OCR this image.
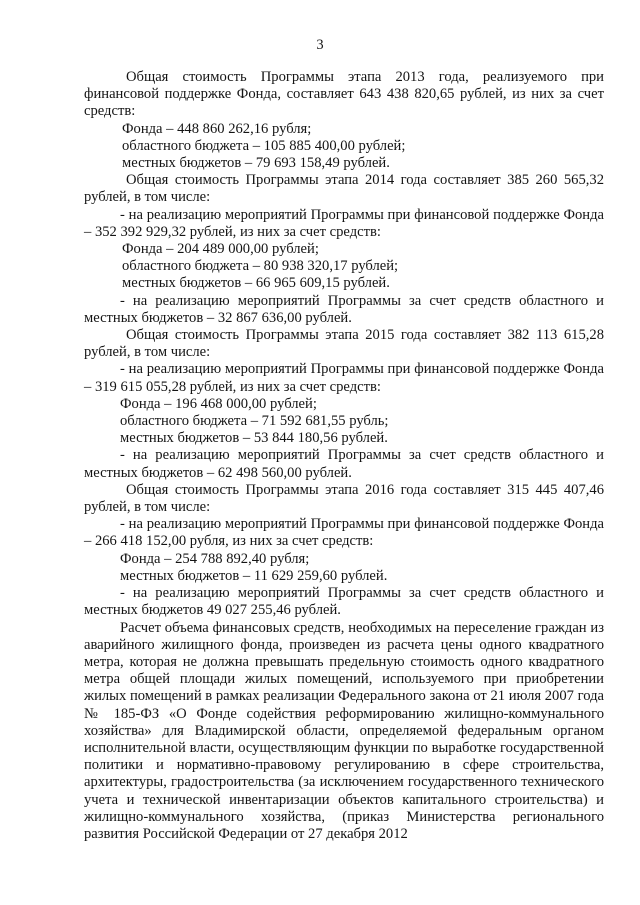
3

Общая стоимость Программы этапа 2013 года, реализуемого при финансовой поддержке Фонда, составляет 643 438 820,65 рублей, из них за счет средств:

Фонда – 448 860 262,16 рубля;

областного бюджета – 105 885 400,00 рублей;

местных бюджетов – 79 693 158,49 рублей.

Общая стоимость Программы этапа 2014 года составляет 385 260 565,32 рублей, в том числе:

- на реализацию мероприятий Программы при финансовой поддержке Фонда – 352 392 929,32 рублей, из них за счет средств:

Фонда – 204 489 000,00 рублей;

областного бюджета – 80 938 320,17 рублей;

местных бюджетов – 66 965 609,15 рублей.

- на реализацию мероприятий Программы за счет средств областного и местных бюджетов – 32 867 636,00 рублей.

Общая стоимость Программы этапа 2015 года составляет 382 113 615,28 рублей, в том числе:

- на реализацию мероприятий Программы при финансовой поддержке Фонда – 319 615 055,28 рублей, из них за счет средств:

Фонда – 196 468 000,00 рублей;

областного бюджета – 71 592 681,55 рубль;

местных бюджетов – 53 844 180,56 рублей.

- на реализацию мероприятий Программы за счет средств областного и местных бюджетов – 62 498 560,00 рублей.

Общая стоимость Программы этапа 2016 года составляет 315 445 407,46 рублей, в том числе:

- на реализацию мероприятий Программы при финансовой поддержке Фонда – 266 418 152,00 рубля, из них за счет средств:

Фонда – 254 788 892,40 рубля;

местных бюджетов – 11 629 259,60 рублей.

- на реализацию мероприятий Программы за счет средств областного и местных бюджетов 49 027 255,46 рублей.

Расчет объема финансовых средств, необходимых на переселение граждан из аварийного жилищного фонда, произведен из расчета цены одного квадратного метра, которая не должна превышать предельную стоимость одного квадратного метра общей площади жилых помещений, используемого при приобретении жилых помещений в рамках реализации Федерального закона от 21 июля 2007 года № 185-ФЗ «О Фонде содействия реформированию жилищно-коммунального хозяйства» для Владимирской области, определяемой федеральным органом исполнительной власти, осуществляющим функции по выработке государственной политики и нормативно-правовому регулированию в сфере строительства, архитектуры, градостроительства (за исключением государственного технического учета и технической инвентаризации объектов капитального строительства) и жилищно-коммунального хозяйства, (приказ Министерства регионального развития Российской Федерации от 27 декабря 2012
